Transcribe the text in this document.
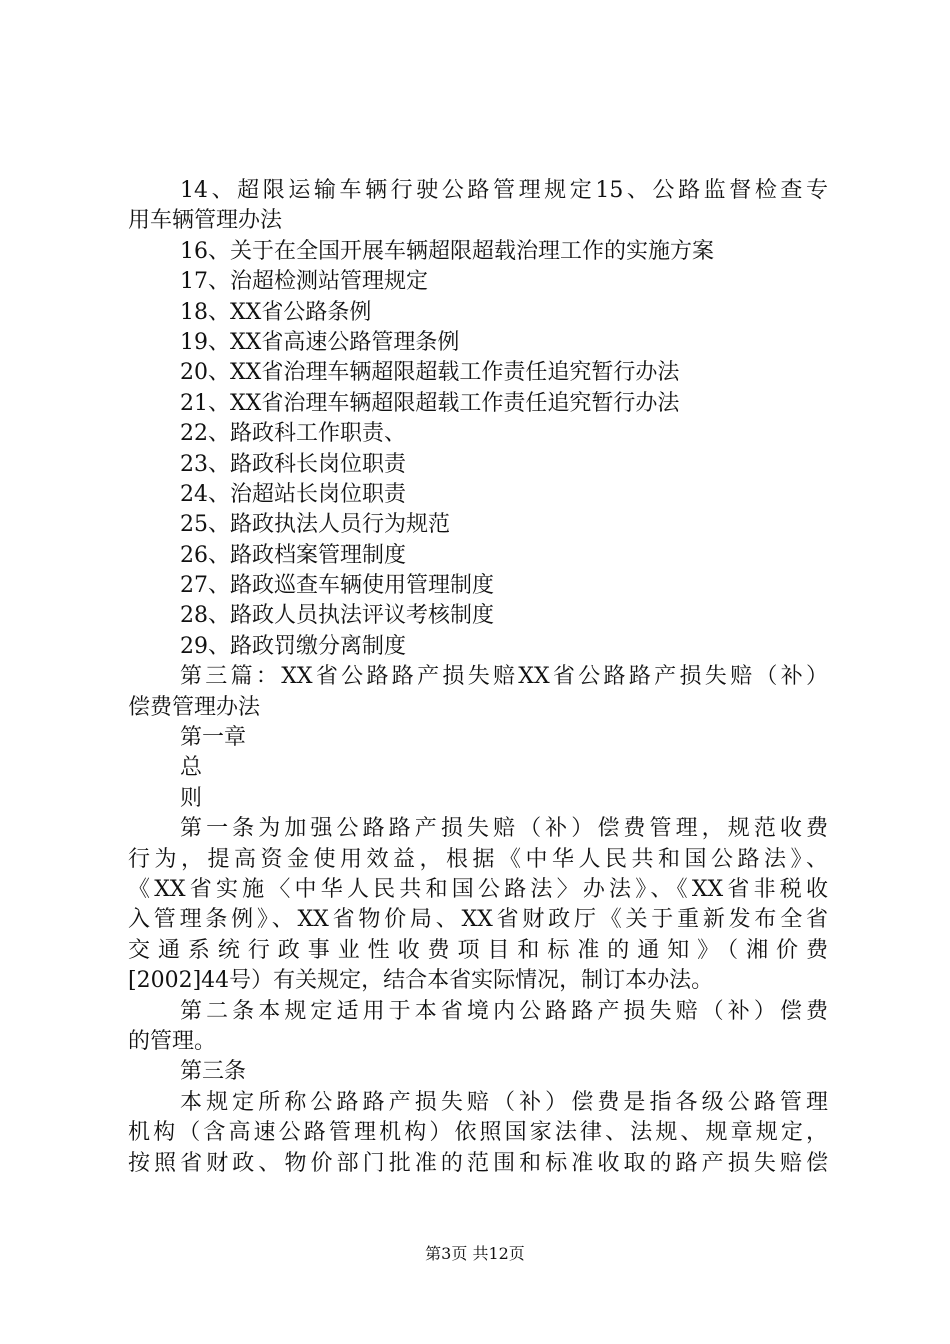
14、超限运输车辆行驶公路管理规定15、公路监督检查专
用车辆管理办法
16、关于在全国开展车辆超限超载治理工作的实施方案
17、治超检测站管理规定
18、XX省公路条例
19、XX省高速公路管理条例
20、XX省治理车辆超限超载工作责任追究暂行办法
21、XX省治理车辆超限超载工作责任追究暂行办法
22、路政科工作职责、
23、路政科长岗位职责
24、治超站长岗位职责
25、路政执法人员行为规范
26、路政档案管理制度
27、路政巡查车辆使用管理制度
28、路政人员执法评议考核制度
29、路政罚缴分离制度
第三篇：XX省公路路产损失赔XX省公路路产损失赔（补）
偿费管理办法
第一章
总
则
第一条为加强公路路产损失赔（补）偿费管理，规范收费
行为，提高资金使用效益，根据《中华人民共和国公路法》、
《XX省实施〈中华人民共和国公路法〉办法》、《XX省非税收
入管理条例》、XX省物价局、XX省财政厅《关于重新发布全省
交通系统行政事业性收费项目和标准的通知》（湘价费
[2002]44号）有关规定，结合本省实际情况，制订本办法。
第二条本规定适用于本省境内公路路产损失赔（补）偿费
的管理。
第三条
本规定所称公路路产损失赔（补）偿费是指各级公路管理
机构（含高速公路管理机构）依照国家法律、法规、规章规定，
按照省财政、物价部门批准的范围和标准收取的路产损失赔偿
第3页 共12页
